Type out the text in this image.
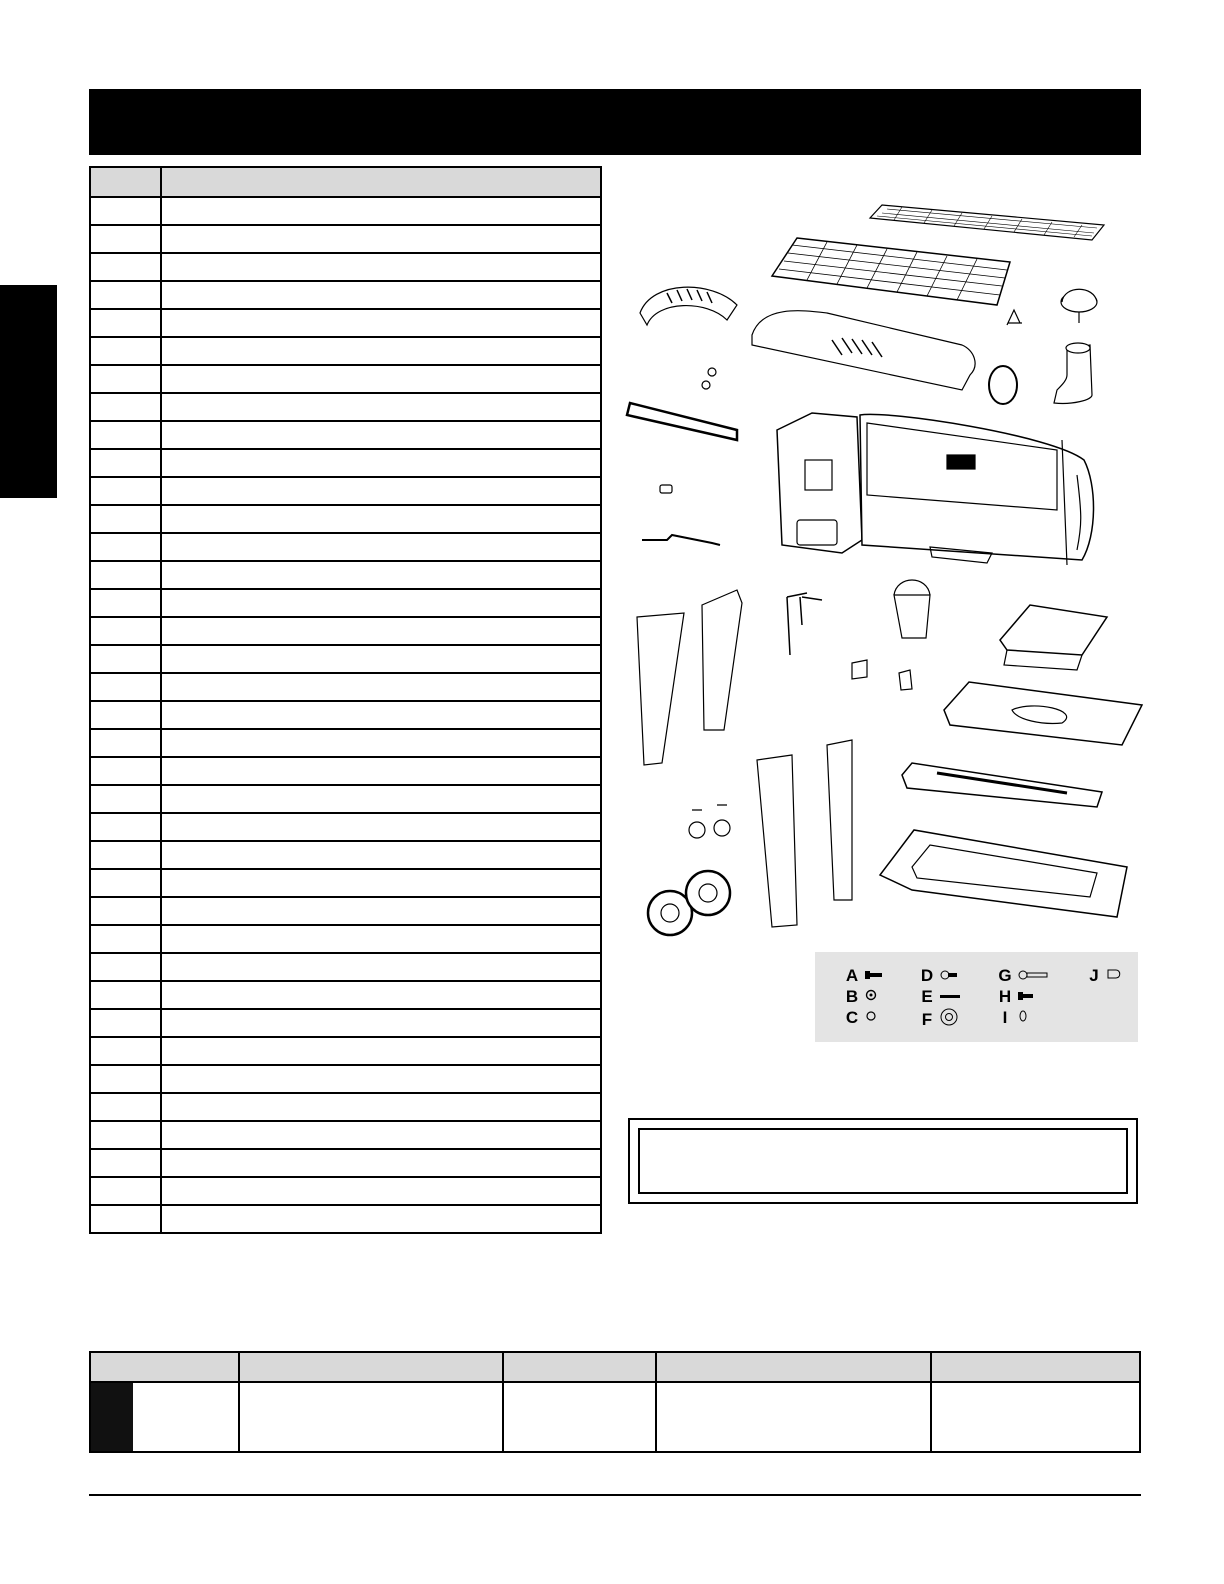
A
B
C
D
E
F
G
H
I
J
